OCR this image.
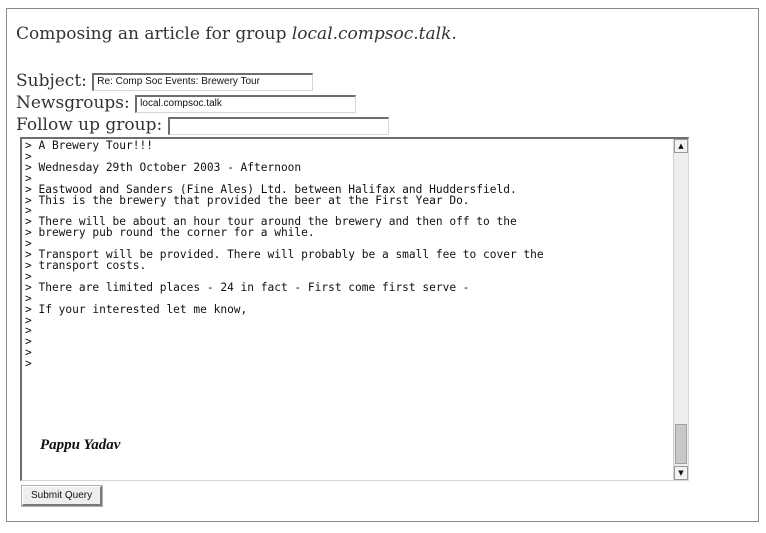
Composing an article for group local.compsoc.talk.
Subject: Re: Comp Soc Events: Brewery Tour
Newsgroups: local.compsoc.talk
Follow up group:
> A Brewery Tour!!!
>
> Wednesday 29th October 2003 - Afternoon
>
> Eastwood and Sanders (Fine Ales) Ltd. between Halifax and Huddersfield.
> This is the brewery that provided the beer at the First Year Do.
>
> There will be about an hour tour around the brewery and then off to the
> brewery pub round the corner for a while.
>
> Transport will be provided. There will probably be a small fee to cover the
> transport costs.
>
> There are limited places - 24 in fact - First come first serve -
>
> If your interested let me know,
>
>
>
>
>
Pappu Yadav
▲
▼
Submit Query
